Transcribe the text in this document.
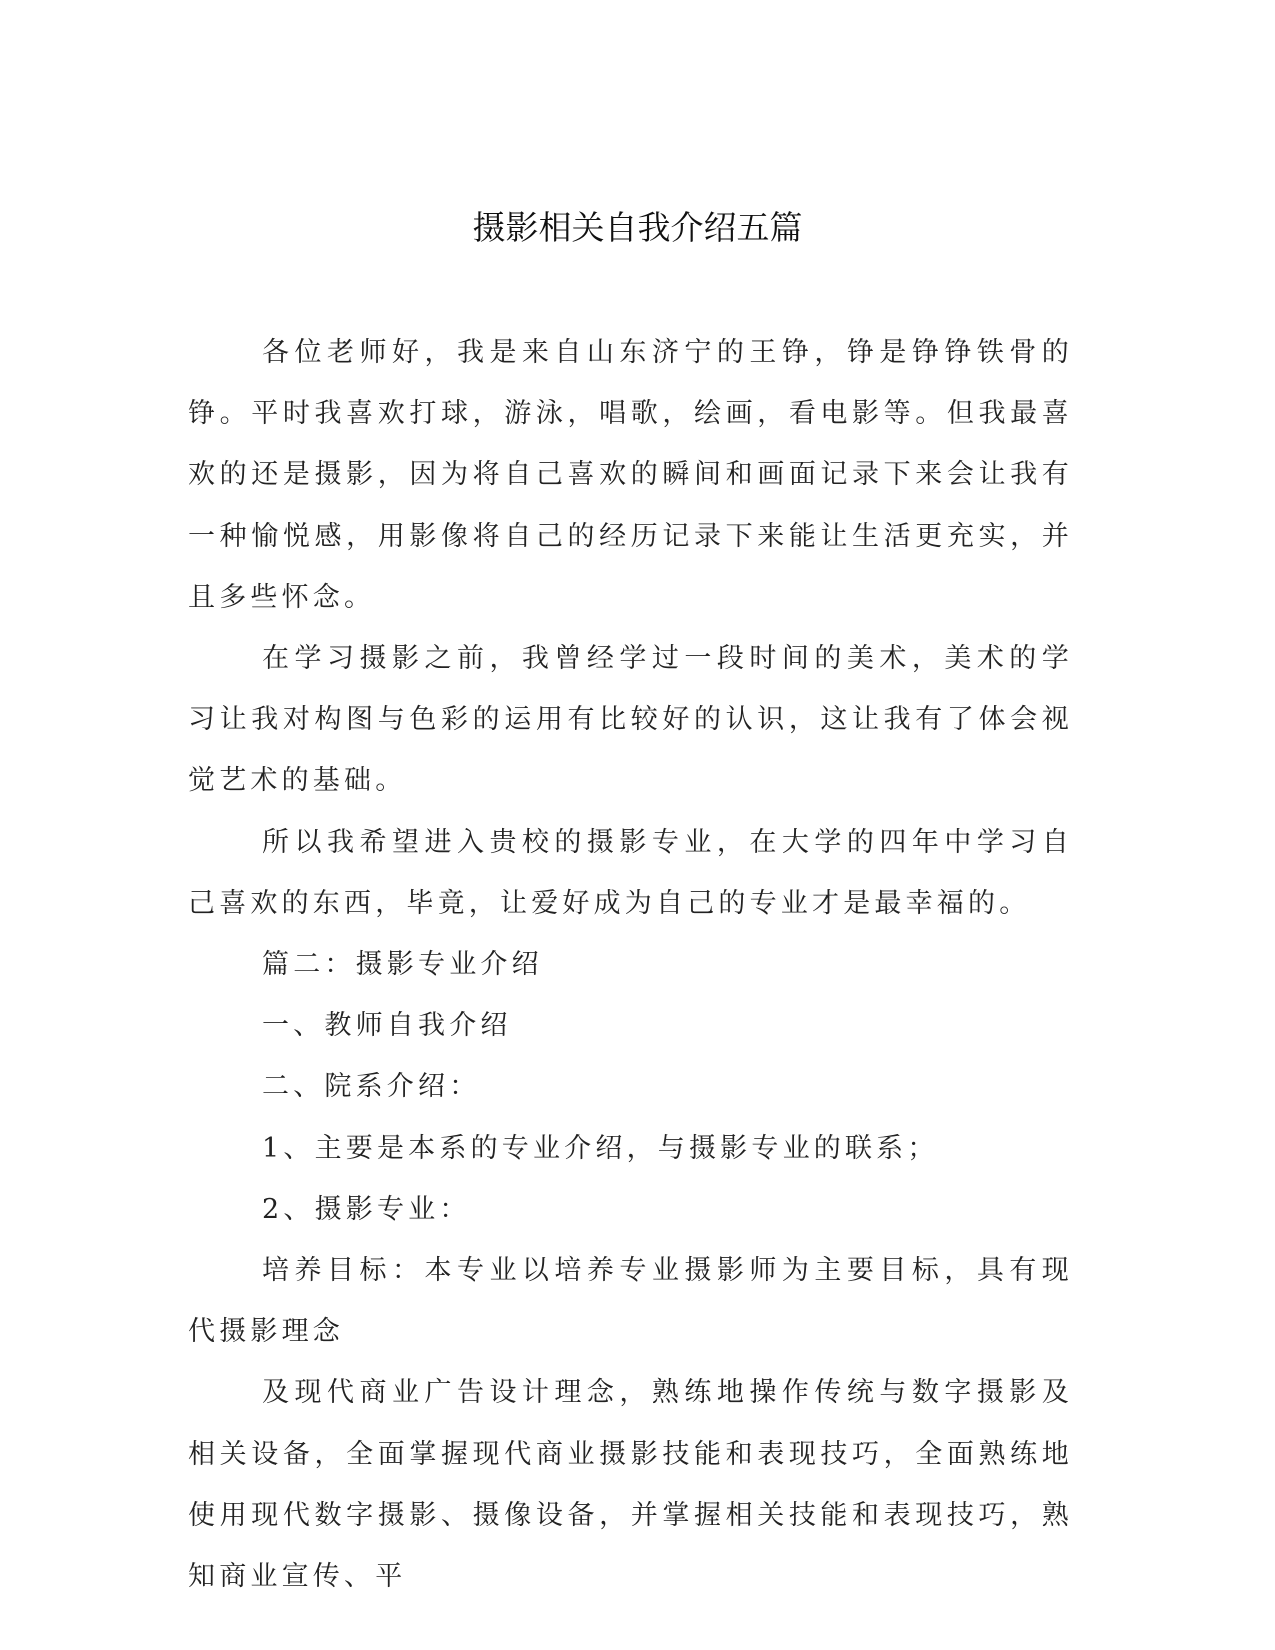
摄影相关自我介绍五篇

各位老师好，我是来自山东济宁的王铮，铮是铮铮铁骨的铮。平时我喜欢打球，游泳，唱歌，绘画，看电影等。但我最喜欢的还是摄影，因为将自己喜欢的瞬间和画面记录下来会让我有一种愉悦感，用影像将自己的经历记录下来能让生活更充实，并且多些怀念。

在学习摄影之前，我曾经学过一段时间的美术，美术的学习让我对构图与色彩的运用有比较好的认识，这让我有了体会视觉艺术的基础。

所以我希望进入贵校的摄影专业，在大学的四年中学习自己喜欢的东西，毕竟，让爱好成为自己的专业才是最幸福的。

篇二：摄影专业介绍

一、教师自我介绍

二、院系介绍：

1、主要是本系的专业介绍，与摄影专业的联系；

2、摄影专业：

培养目标：本专业以培养专业摄影师为主要目标，具有现代摄影理念

及现代商业广告设计理念，熟练地操作传统与数字摄影及相关设备，全面掌握现代商业摄影技能和表现技巧，全面熟练地使用现代数字摄影、摄像设备，并掌握相关技能和表现技巧，熟知商业宣传、平
